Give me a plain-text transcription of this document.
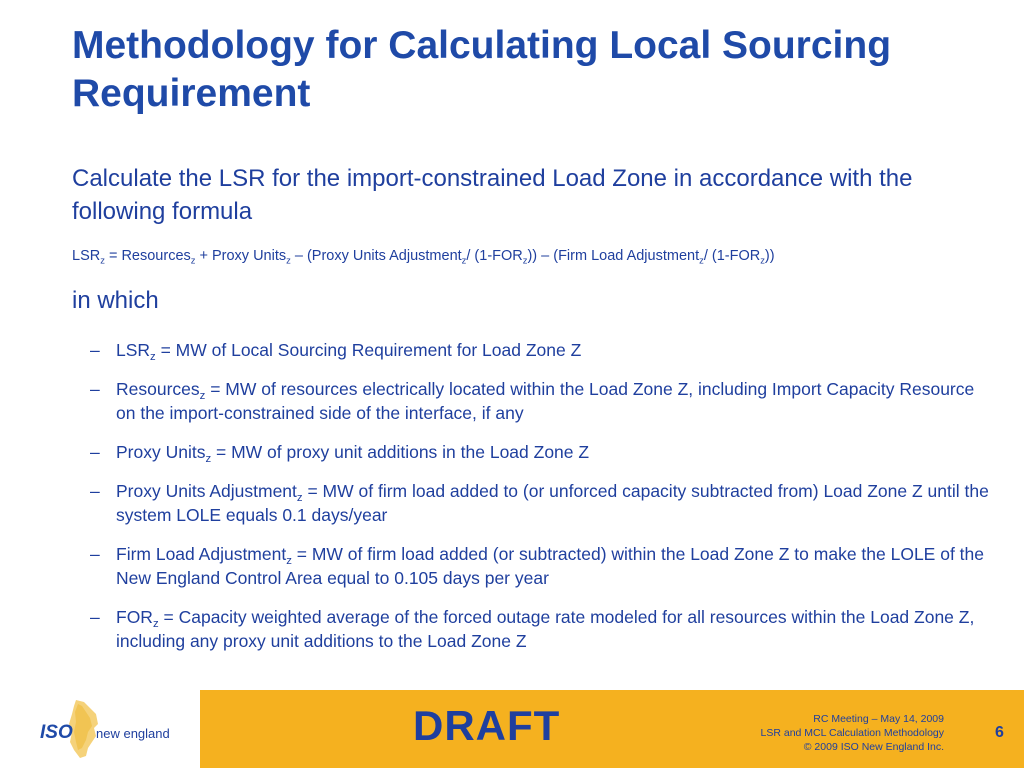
Methodology for Calculating Local Sourcing Requirement
Calculate the LSR for the import-constrained Load Zone in accordance with the following formula
$LSR_z$ = Resources$_z$ + Proxy Units$_z$ – (Proxy Units Adjustment$_z$/ $(1-FOR_z)$) – (Firm Load Adjustment$_z$/ $(1-FOR_z)$)
in which
– $LSR_z$ = MW of Local Sourcing Requirement for Load Zone Z
– Resources$_z$ = MW of resources electrically located within the Load Zone Z, including Import Capacity Resource on the import-constrained side of the interface, if any
– Proxy Units$_z$ = MW of proxy unit additions in the Load Zone Z
– Proxy Units Adjustment$_z$ = MW of firm load added to (or unforced capacity subtracted from) Load Zone Z until the system LOLE equals 0.1 days/year
– Firm Load Adjustment$_z$ = MW of firm load added (or subtracted) within the Load Zone Z to make the LOLE of the New England Control Area equal to 0.105 days per year
– $FOR_z$ = Capacity weighted average of the forced outage rate modeled for all resources within the Load Zone Z, including any proxy unit additions to the Load Zone Z
ISO new england	DRAFT	RC Meeting – May 14, 2009
LSR and MCL Calculation Methodology
© 2009 ISO New England Inc.
6
